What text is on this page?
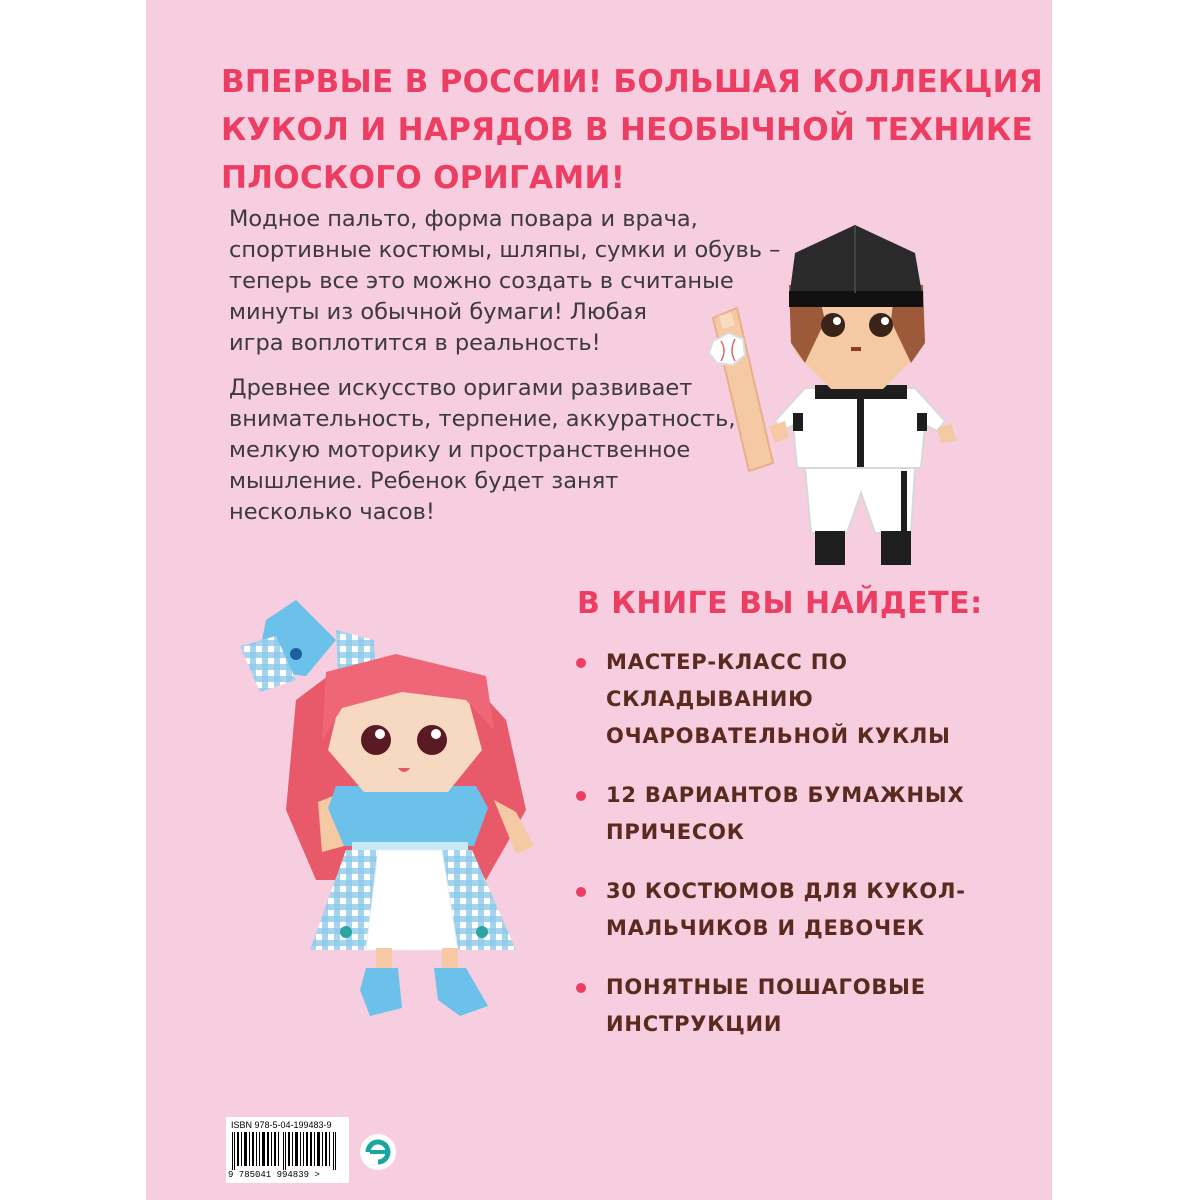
ВПЕРВЫЕ В РОССИИ! БОЛЬШАЯ КОЛЛЕКЦИЯ
КУКОЛ И НАРЯДОВ В НЕОБЫЧНОЙ ТЕХНИКЕ
ПЛОСКОГО ОРИГАМИ!
Модное пальто, форма повара и врача,
спортивные костюмы, шляпы, сумки и обувь –
теперь все это можно создать в считаные
минуты из обычной бумаги! Любая
игра воплотится в реальность!
Древнее искусство оригами развивает
внимательность, терпение, аккуратность,
мелкую моторику и пространственное
мышление. Ребенок будет занят
несколько часов!
В КНИГЕ ВЫ НАЙДЕТЕ:
МАСТЕР-КЛАСС ПО
СКЛАДЫВАНИЮ
ОЧАРОВАТЕЛЬНОЙ КУКЛЫ
12 ВАРИАНТОВ БУМАЖНЫХ
ПРИЧЕСОК
30 КОСТЮМОВ ДЛЯ КУКОЛ-
МАЛЬЧИКОВ И ДЕВОЧЕК
ПОНЯТНЫЕ ПОШАГОВЫЕ
ИНСТРУКЦИИ
ISBN 978-5-04-199483-9
9 785041 994839 >
